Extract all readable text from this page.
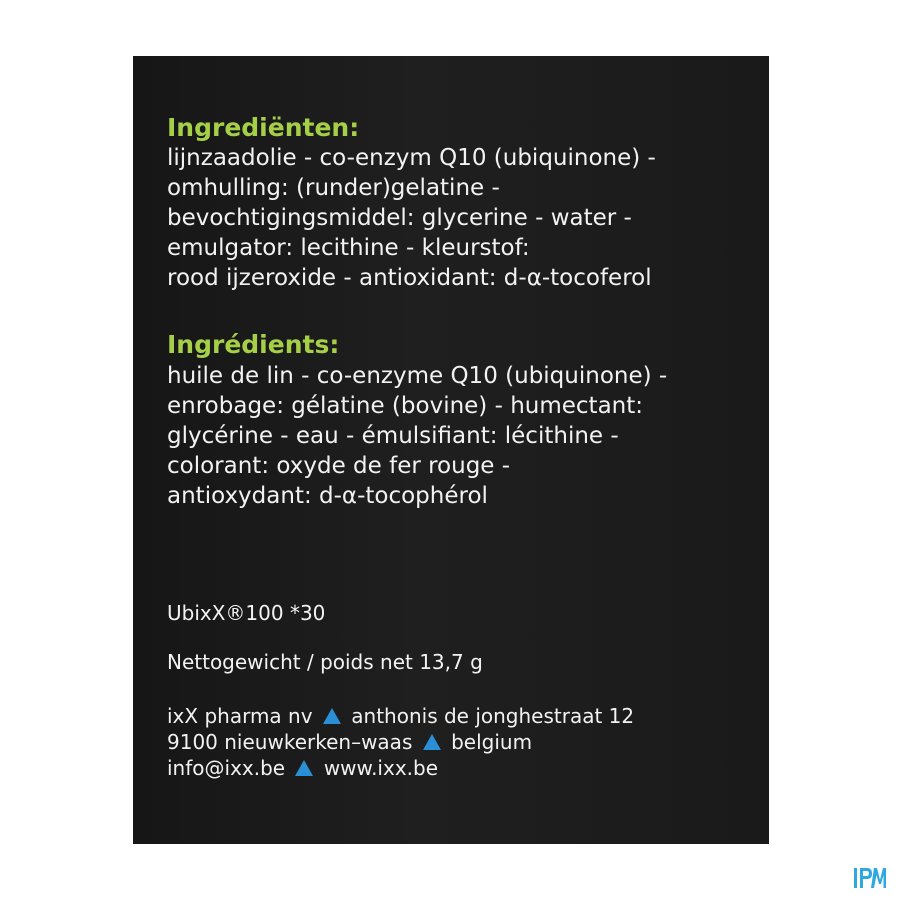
Ingrediënten:

lijnzaadolie - co-enzym Q10 (ubiquinone) -

omhulling: (runder)gelatine -

bevochtigingsmiddel: glycerine - water -

emulgator: lecithine - kleurstof:

rood ijzeroxide - antioxidant: d-α-tocoferol

Ingrédients:

huile de lin - co-enzyme Q10 (ubiquinone) -

enrobage: gélatine (bovine) - humectant:

glycérine - eau - émulsifiant: lécithine -

colorant: oxyde de fer rouge -

antioxydant: d-α-tocophérol

UbixX®100 *30

Nettogewicht / poids net 13,7 g

ixX pharma nv anthonis de jonghestraat 12

9100 nieuwkerken–waas belgium

info@ixx.be www.ixx.be
